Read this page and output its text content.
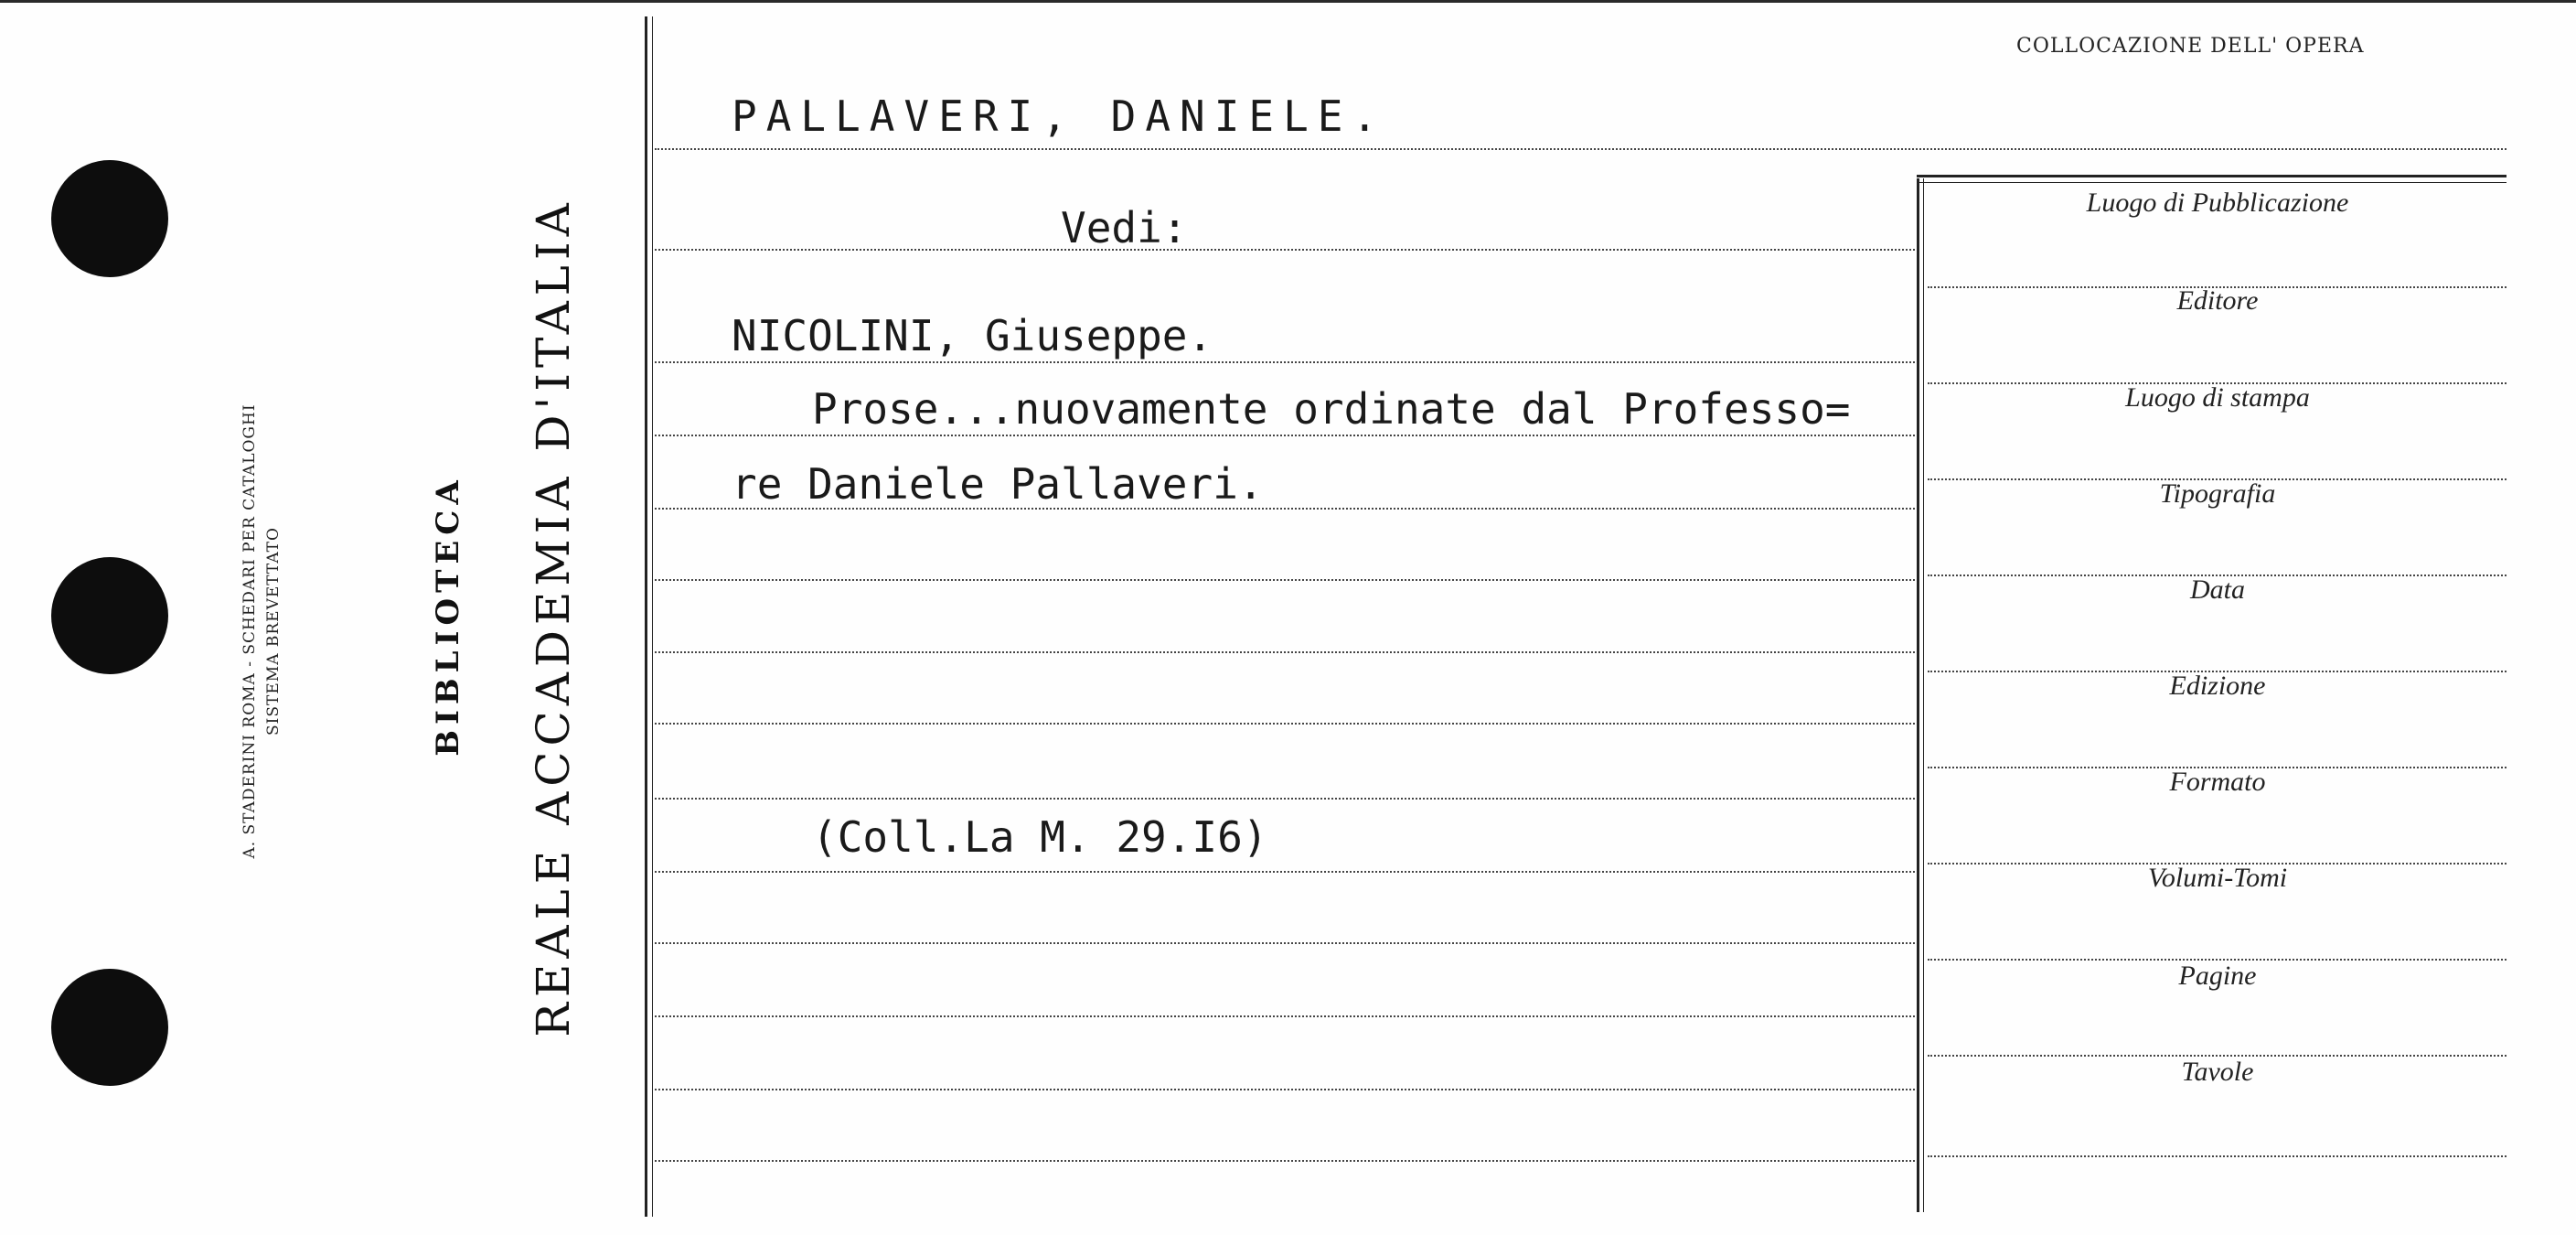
A. STADERINI ROMA - SCHEDARI PER CATALOGHI SISTEMA BREVETTATO	REALE ACCADEMIA D'ITALIA
BIBLIOTECA
COLLOCAZIONE DELL' OPERA
PALLAVERI, DANIELE.
Vedi:
NICOLINI, Giuseppe.
Prose...nuovamente ordinate dal Professo=
re Daniele Pallaveri.
(Coll.La M. 29.I6)
Luogo di Pubblicazione
Editore
Luogo di stampa
Tipografia
Data
Edizione
Formato
Volumi-Tomi
Pagine
Tavole
